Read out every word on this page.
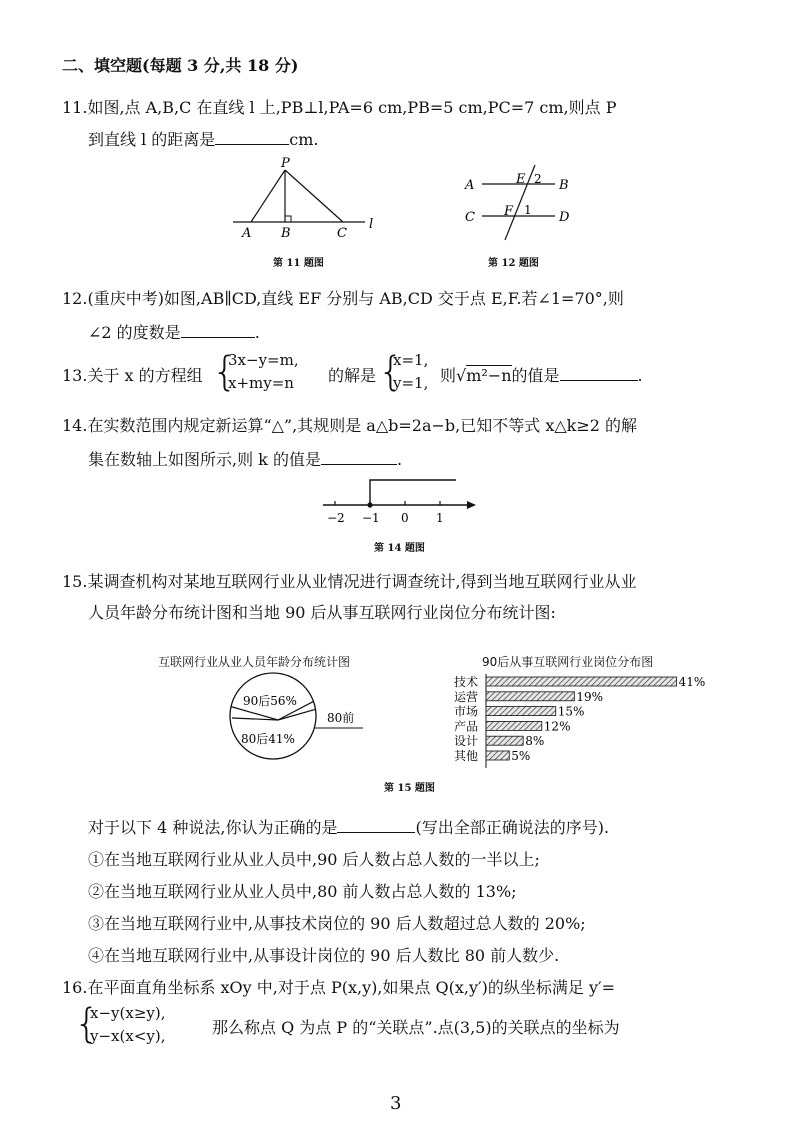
二、填空题(每题 3 分,共 18 分)
11.如图,点 A,B,C 在直线 l 上,PB⊥l,PA=6 cm,PB=5 cm,PC=7 cm,则点 P
到直线 l 的距离是	cm.
P
A B	C
l
第 11 题图
A	B
C	D
E 2
F 1
第 12 题图
12.(重庆中考)如图,AB∥CD,直线 EF 分别与 AB,CD 交于点 E,F.若∠1=70°,则
∠2 的度数是	.
13.关于 x 的方程组 {
3x−y=m,
x+my=n 的解是 {
x=1,
y=1, 则√m²−n的值是	.
14.在实数范围内规定新运算“△”,其规则是 a△b=2a−b,已知不等式 x△k≥2 的解
集在数轴上如图所示,则 k 的值是	.
−2 −1 0 1
第 14 题图
15.某调查机构对某地互联网行业从业情况进行调查统计,得到当地互联网行业从业
人员年龄分布统计图和当地 90 后从事互联网行业岗位分布统计图:
互联网行业从业人员年龄分布统计图
90后56%
80后41%
80前
90后从事互联网行业岗位分布图
技术	41%
运营	19%
市场	15%
产品	12%
设计	8%
其他	5%
第 15 题图
对于以下 4 种说法,你认为正确的是	(写出全部正确说法的序号).
①在当地互联网行业从业人员中,90 后人数占总人数的一半以上;
②在当地互联网行业从业人员中,80 前人数占总人数的 13%;
③在当地互联网行业中,从事技术岗位的 90 后人数超过总人数的 20%;
④在当地互联网行业中,从事设计岗位的 90 后人数比 80 前人数少.
16.在平面直角坐标系 xOy 中,对于点 P(x,y),如果点 Q(x,y′)的纵坐标满足 y′=
{
x−y(x≥y),
y−x(x<y),	那么称点 Q 为点 P 的“关联点”.点(3,5)的关联点的坐标为
3
